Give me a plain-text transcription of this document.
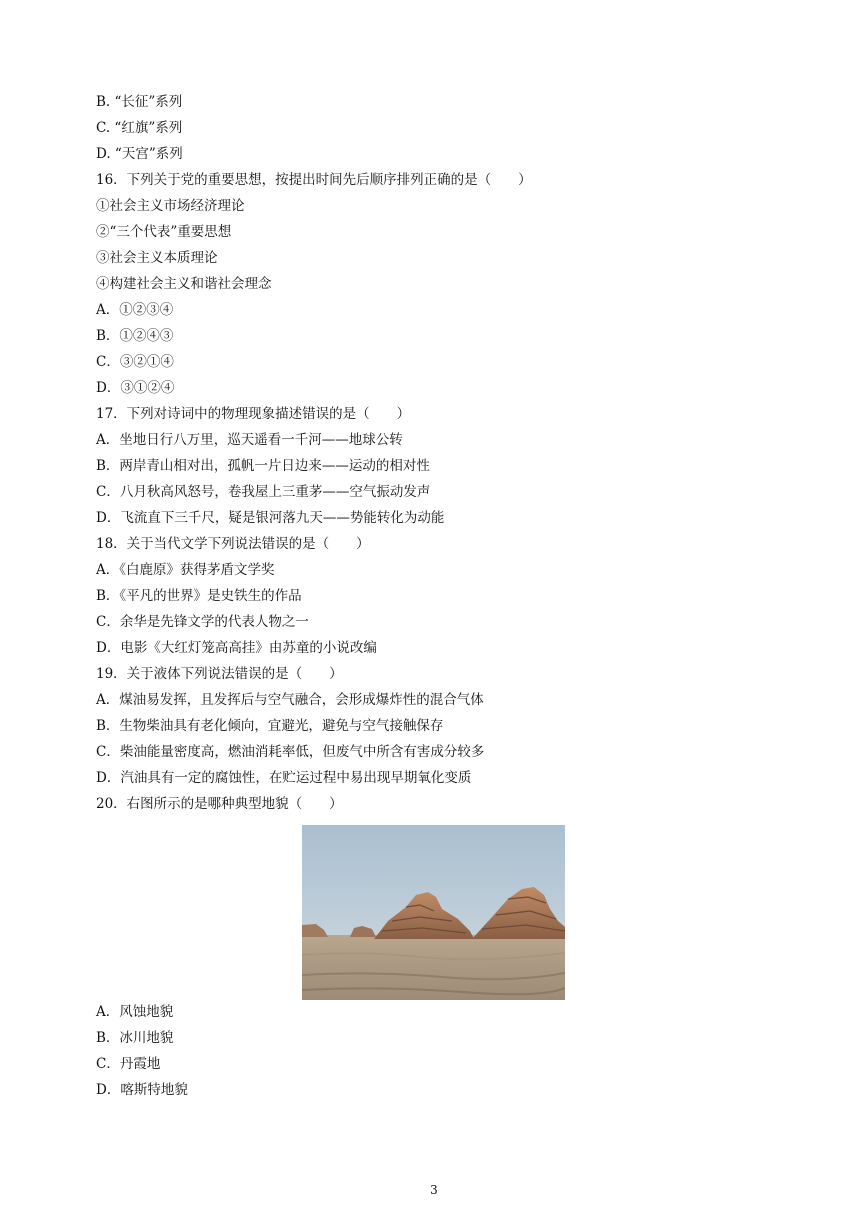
B. “长征”系列
C. “红旗”系列
D. “天宫”系列
16．下列关于党的重要思想，按提出时间先后顺序排列正确的是（　　）
①社会主义市场经济理论
②“三个代表”重要思想
③社会主义本质理论
④构建社会主义和谐社会理念
A．①②③④
B．①②④③
C．③②①④
D．③①②④
17．下列对诗词中的物理现象描述错误的是（　　）
A．坐地日行八万里，巡天遥看一千河——地球公转
B．两岸青山相对出，孤帆一片日边来——运动的相对性
C．八月秋高风怒号，卷我屋上三重茅——空气振动发声
D．飞流直下三千尺，疑是银河落九天——势能转化为动能
18．关于当代文学下列说法错误的是（　　）
A．《白鹿原》获得茅盾文学奖
B．《平凡的世界》是史铁生的作品
C．余华是先锋文学的代表人物之一
D．电影《大红灯笼高高挂》由苏童的小说改编
19．关于液体下列说法错误的是（　　）
A．煤油易发挥，且发挥后与空气融合，会形成爆炸性的混合气体
B．生物柴油具有老化倾向，宜避光，避免与空气接触保存
C．柴油能量密度高，燃油消耗率低，但废气中所含有害成分较多
D．汽油具有一定的腐蚀性，在贮运过程中易出现早期氧化变质
20．右图所示的是哪种典型地貌（　　）
A．风蚀地貌
B．冰川地貌
C．丹霞地
D．喀斯特地貌
3
